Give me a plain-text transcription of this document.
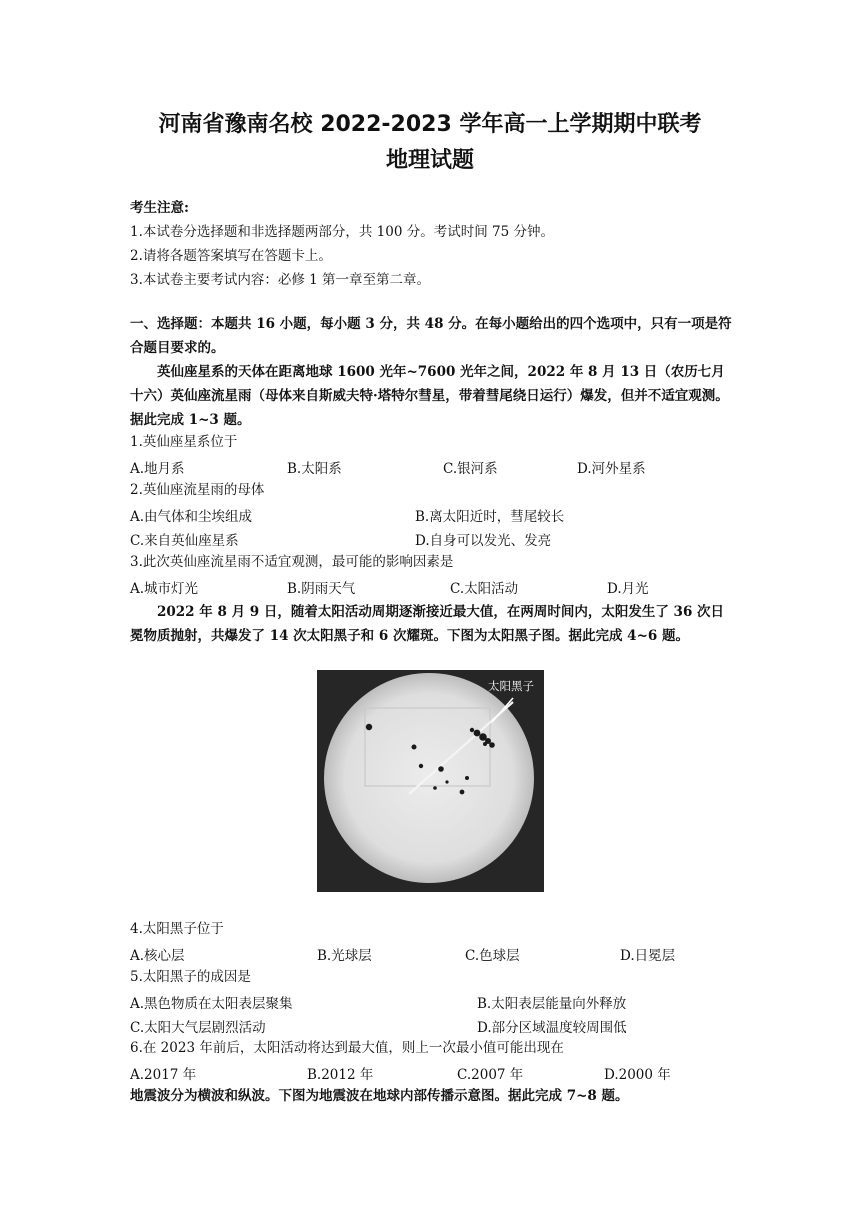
河南省豫南名校 2022-2023 学年高一上学期期中联考
地理试题
考生注意:
1.本试卷分选择题和非选择题两部分，共 100 分。考试时间 75 分钟。
2.请将各题答案填写在答题卡上。
3.本试卷主要考试内容：必修 1 第一章至第二章。
一、选择题：本题共 16 小题，每小题 3 分，共 48 分。在每小题给出的四个选项中，只有一项是符合题目要求的。
英仙座星系的天体在距离地球 1600 光年~7600 光年之间，2022 年 8 月 13 日（农历七月十六）英仙座流星雨（母体来自斯威夫特·塔特尔彗星，带着彗尾绕日运行）爆发，但并不适宜观测。据此完成 1~3 题。
1.英仙座星系位于
A.地月系	B.太阳系	C.银河系	D.河外星系
2.英仙座流星雨的母体
A.由气体和尘埃组成	B.离太阳近时，彗尾较长
C.来自英仙座星系	D.自身可以发光、发亮
3.此次英仙座流星雨不适宜观测，最可能的影响因素是
A.城市灯光	B.阴雨天气	C.太阳活动	D.月光
2022 年 8 月 9 日，随着太阳活动周期逐渐接近最大值，在两周时间内，太阳发生了 36 次日冕物质抛射，共爆发了 14 次太阳黑子和 6 次耀斑。下图为太阳黑子图。据此完成 4~6 题。
太阳黑子
4.太阳黑子位于
A.核心层	B.光球层	C.色球层	D.日冕层
5.太阳黑子的成因是
A.黑色物质在太阳表层聚集	B.太阳表层能量向外释放
C.太阳大气层剧烈活动	D.部分区域温度较周围低
6.在 2023 年前后，太阳活动将达到最大值，则上一次最小值可能出现在
A.2017 年	B.2012 年	C.2007 年	D.2000 年
地震波分为横波和纵波。下图为地震波在地球内部传播示意图。据此完成 7~8 题。
